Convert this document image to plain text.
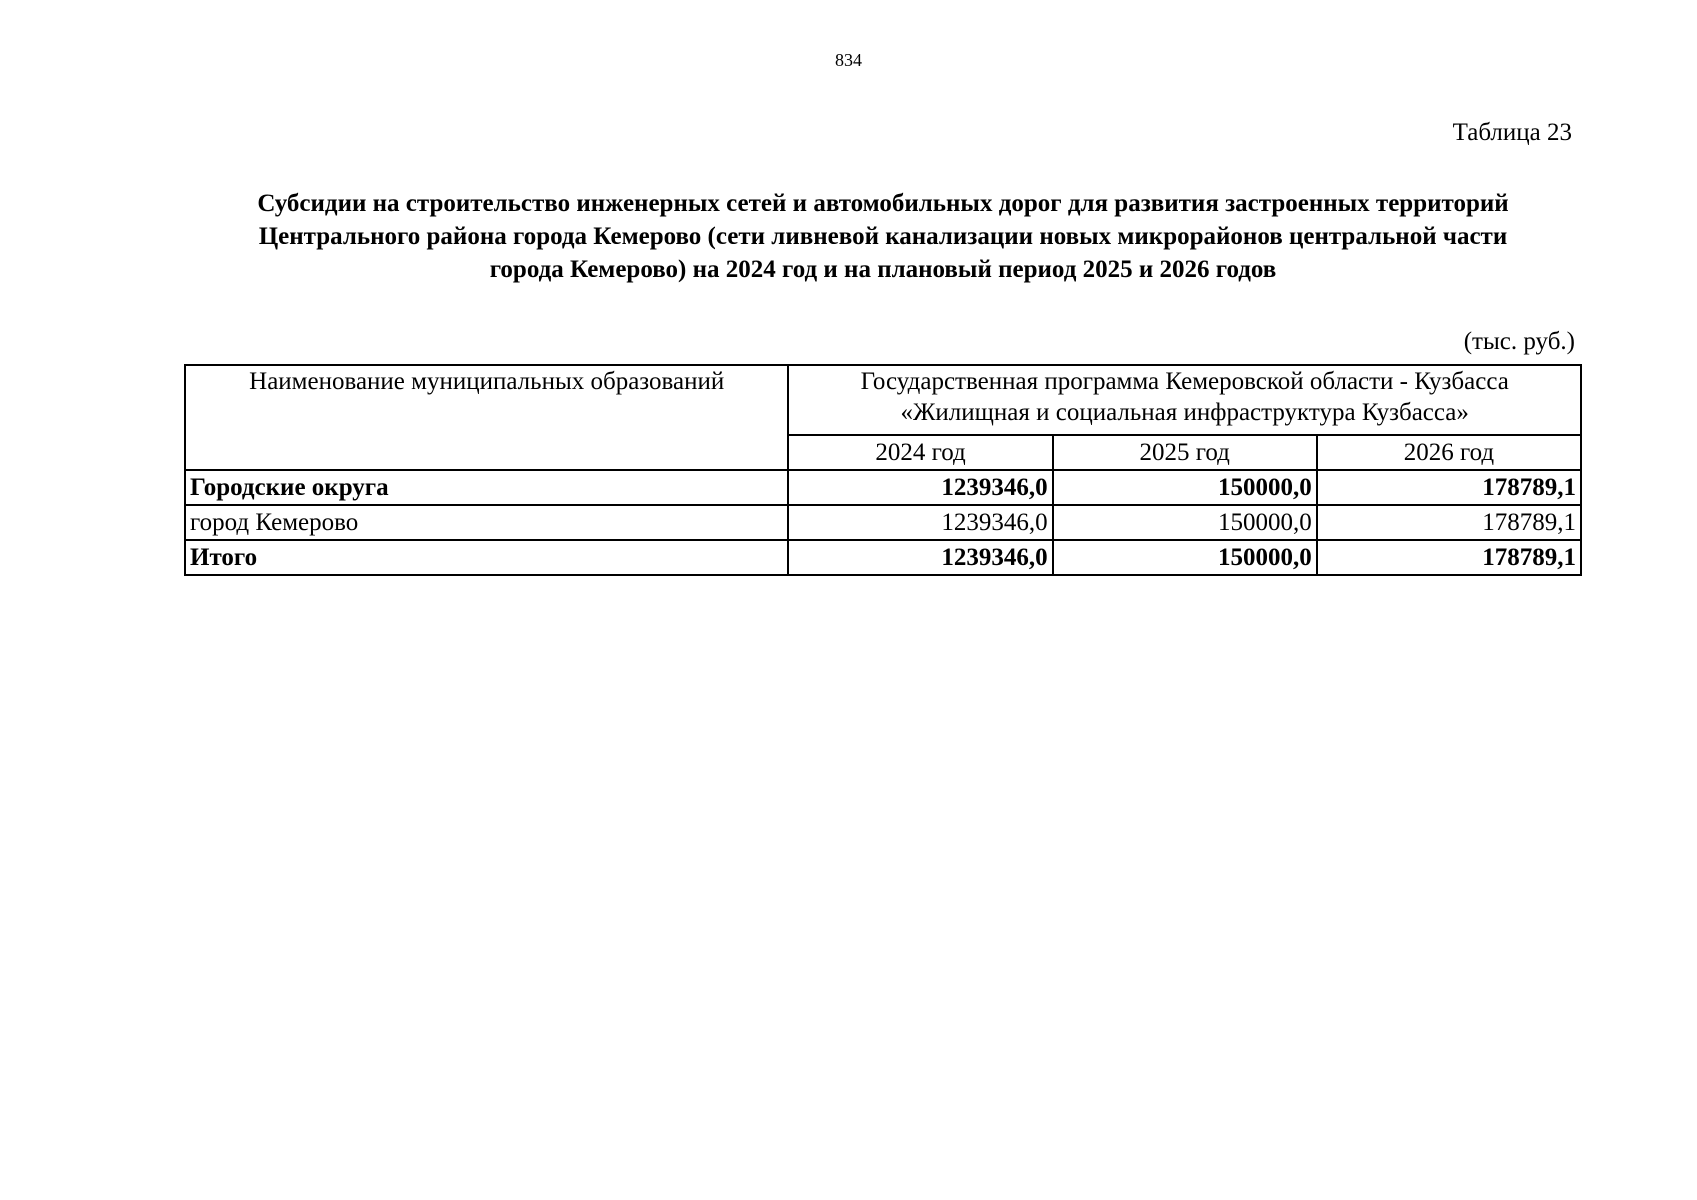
834
Таблица 23
Субсидии на строительство инженерных сетей и автомобильных дорог для развития застроенных территорий
Центрального района города Кемерово (сети ливневой канализации новых микрорайонов центральной части
города Кемерово) на 2024 год и на плановый период 2025 и 2026 годов
(тыс. руб.)
Наименование муниципальных образований	Государственная программа Кемеровской области - Кузбасса
«Жилищная и социальная инфраструктура Кузбасса»		

	2024 год	2025 год	2026 год
Городские округа	1239346,0	150000,0	178789,1
город Кемерово	1239346,0	150000,0	178789,1
Итого	1239346,0	150000,0	178789,1
